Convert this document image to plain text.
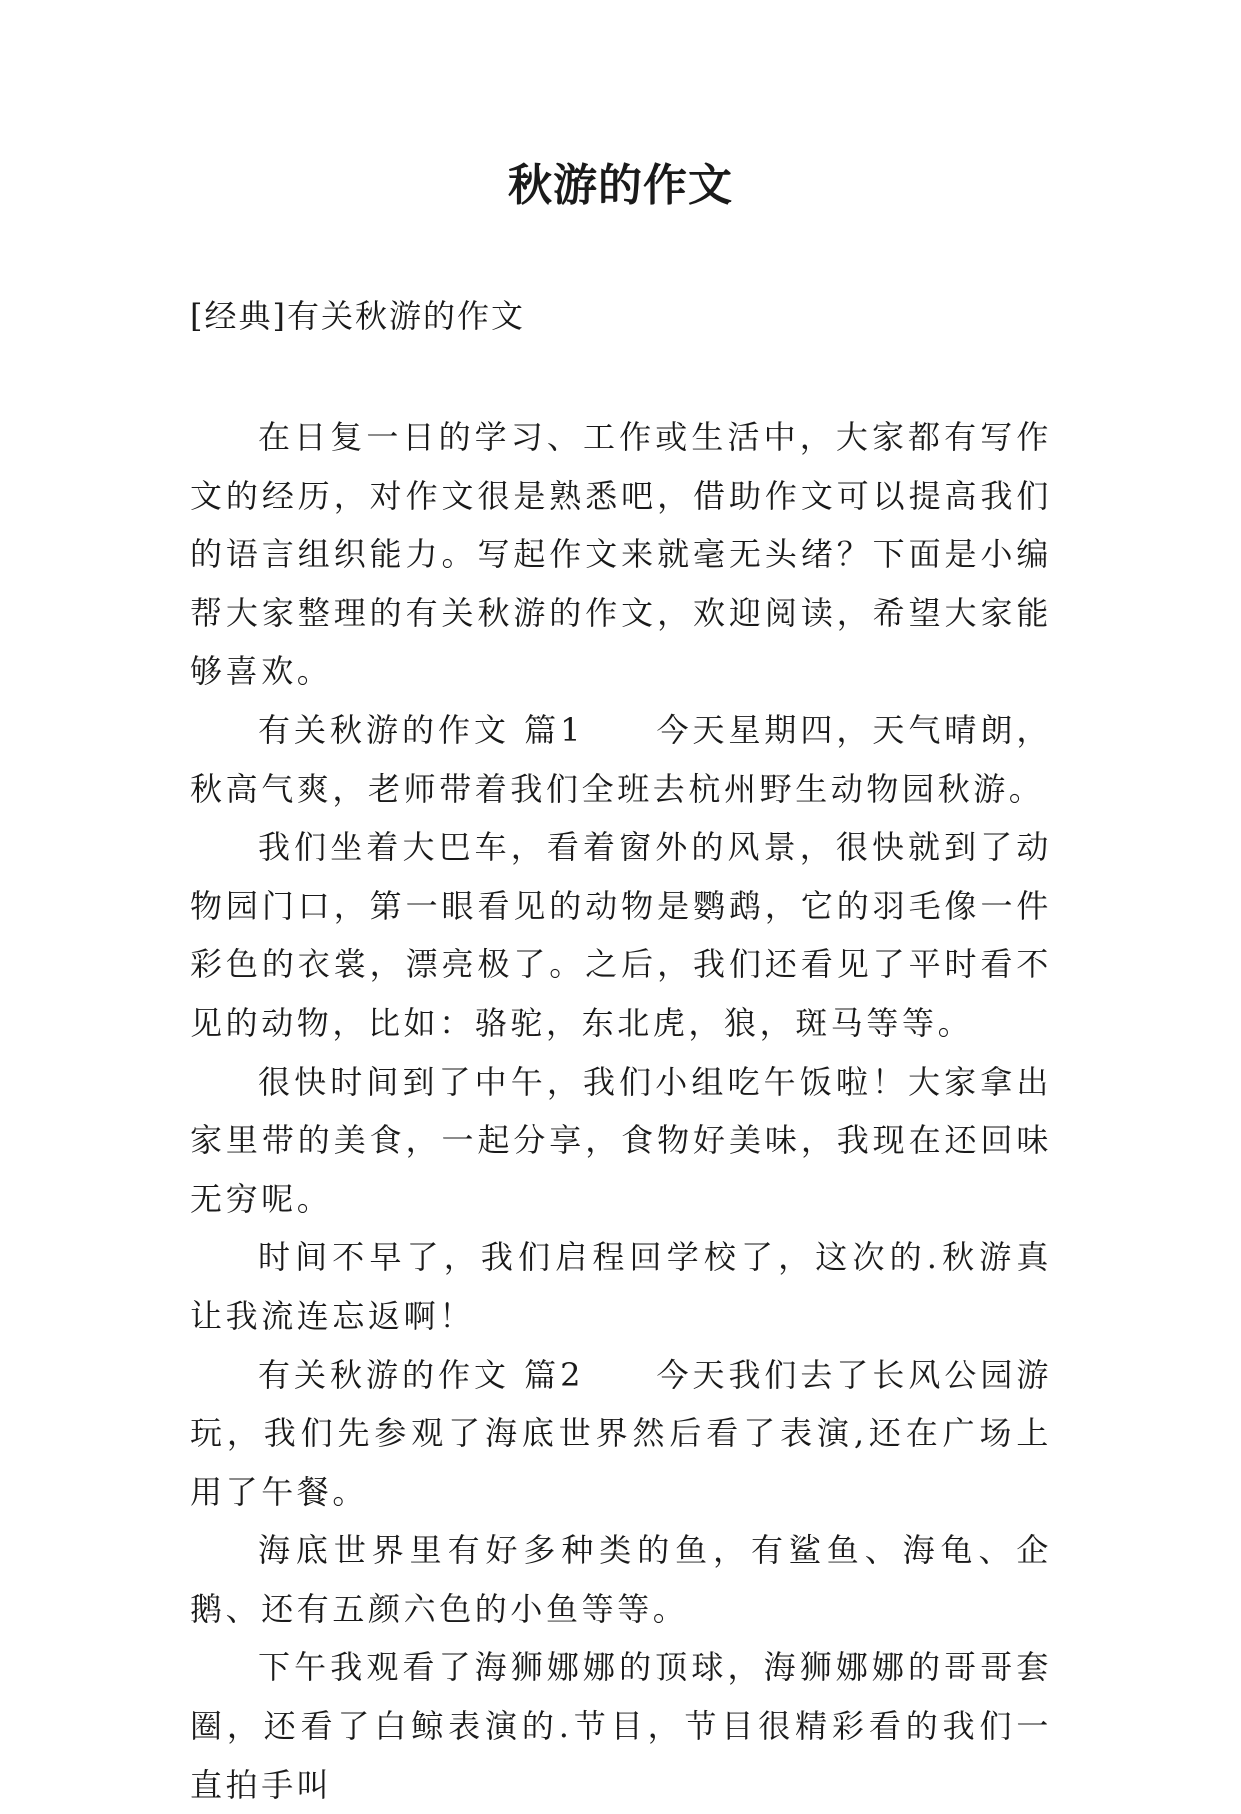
秋游的作文
[经典]有关秋游的作文

在日复一日的学习、工作或生活中，大家都有写作文的经历，对作文很是熟悉吧，借助作文可以提高我们的语言组织能力。写起作文来就毫无头绪？下面是小编帮大家整理的有关秋游的作文，欢迎阅读，希望大家能够喜欢。

有关秋游的作文 篇1　　今天星期四，天气晴朗，秋高气爽，老师带着我们全班去杭州野生动物园秋游。

我们坐着大巴车，看着窗外的风景，很快就到了动物园门口，第一眼看见的动物是鹦鹉，它的羽毛像一件彩色的衣裳，漂亮极了。之后，我们还看见了平时看不见的动物，比如：骆驼，东北虎，狼，斑马等等。

很快时间到了中午，我们小组吃午饭啦！大家拿出家里带的美食，一起分享，食物好美味，我现在还回味无穷呢。

时间不早了，我们启程回学校了，这次的.秋游真让我流连忘返啊！

有关秋游的作文 篇2　　今天我们去了长风公园游玩，我们先参观了海底世界然后看了表演,还在广场上用了午餐。

海底世界里有好多种类的鱼，有鲨鱼、海龟、企鹅、还有五颜六色的小鱼等等。

下午我观看了海狮娜娜的顶球，海狮娜娜的哥哥套圈，还看了白鲸表演的.节目，节目很精彩看的我们一直拍手叫
